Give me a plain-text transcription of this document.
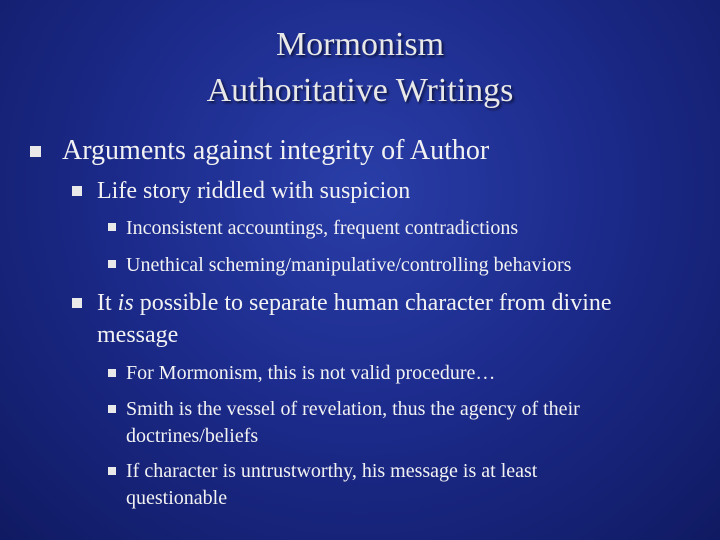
Mormonism
Authoritative Writings
Arguments against integrity of Author
Life story riddled with suspicion
Inconsistent accountings, frequent contradictions
Unethical scheming/manipulative/controlling behaviors
It is possible to separate human character from divine
message
For Mormonism, this is not valid procedure…
Smith is the vessel of revelation, thus the agency of their
doctrines/beliefs
If character is untrustworthy, his message is at least
questionable
